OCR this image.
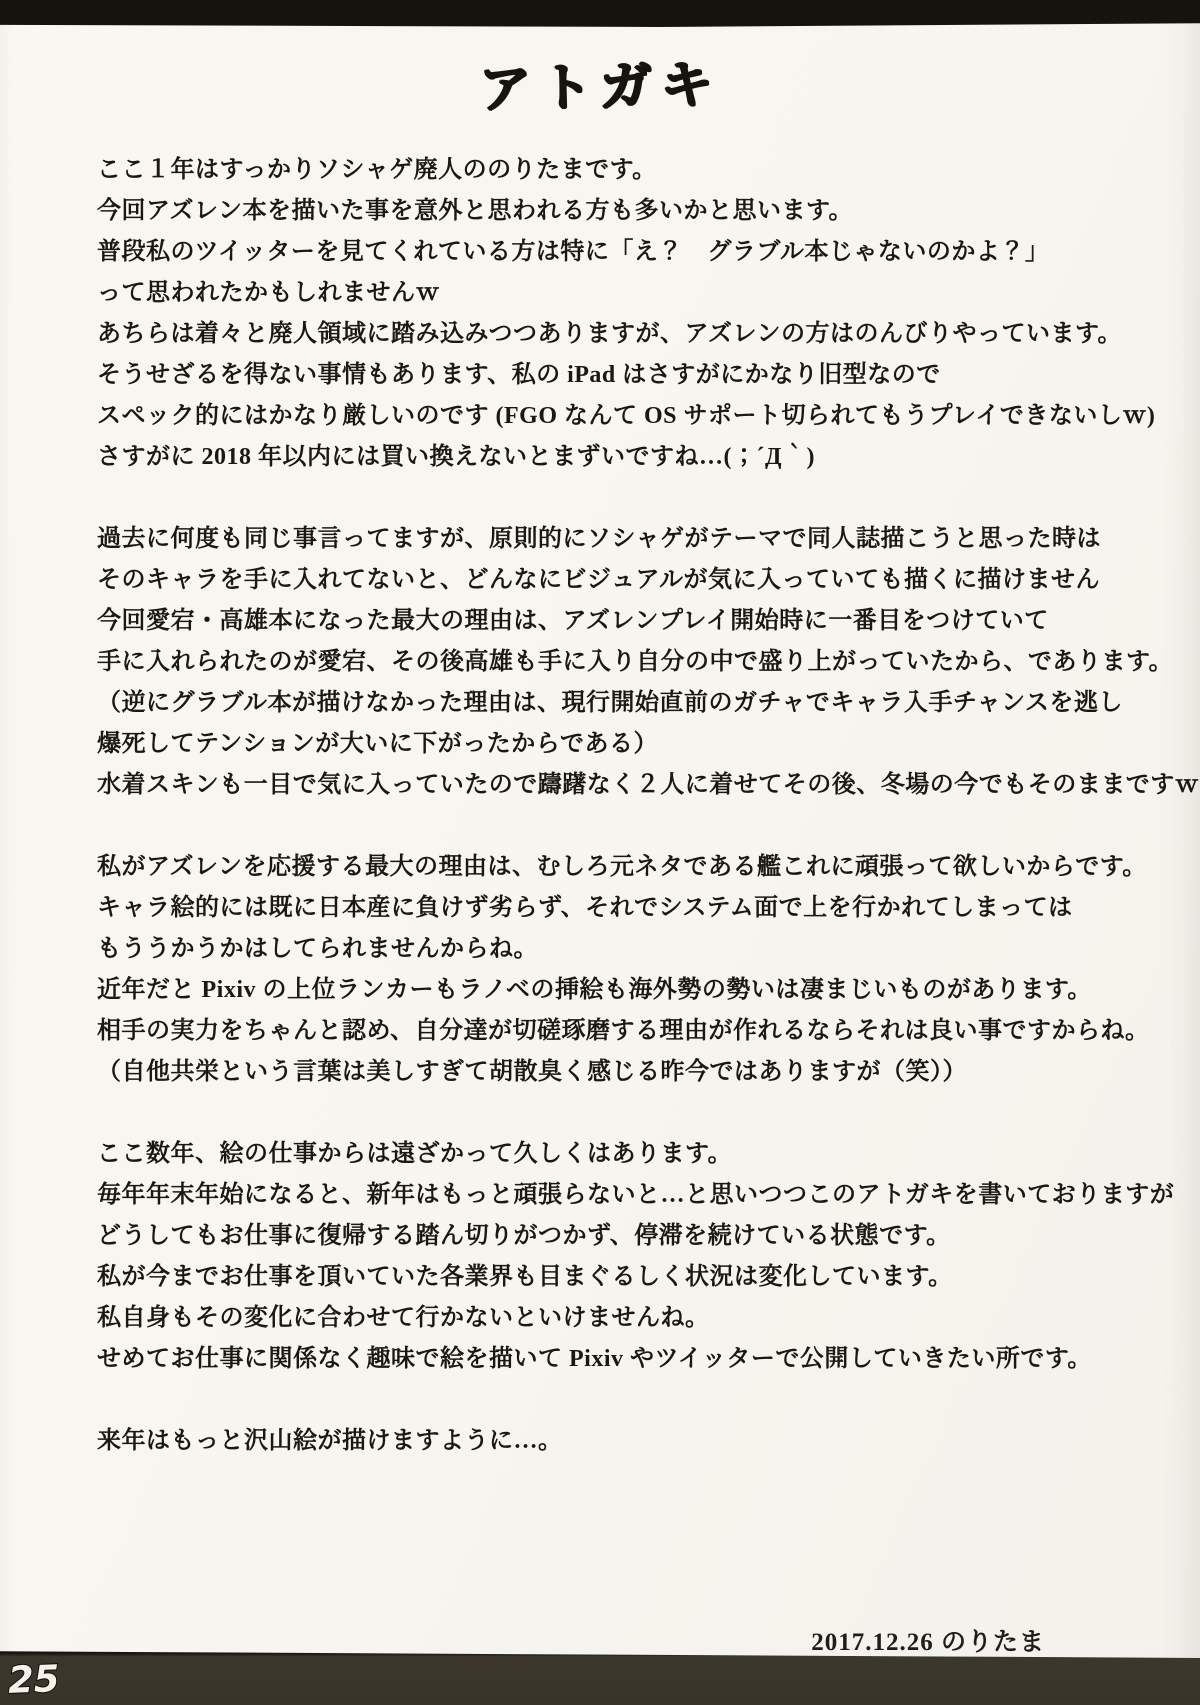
アトガキ
ここ１年はすっかりソシャゲ廃人ののりたまです。
今回アズレン本を描いた事を意外と思われる方も多いかと思います。
普段私のツイッターを見てくれている方は特に「え？　グラブル本じゃないのかよ？」
って思われたかもしれませんｗ
あちらは着々と廃人領域に踏み込みつつありますが、アズレンの方はのんびりやっています。
そうせざるを得ない事情もあります、私の iPad はさすがにかなり旧型なので
スペック的にはかなり厳しいのです (FGO なんて OS サポート切られてもうプレイできないしｗ)
さすがに 2018 年以内には買い換えないとまずいですね…(；´Д｀)
過去に何度も同じ事言ってますが、原則的にソシャゲがテーマで同人誌描こうと思った時は
そのキャラを手に入れてないと、どんなにビジュアルが気に入っていても描くに描けません
今回愛宕・高雄本になった最大の理由は、アズレンプレイ開始時に一番目をつけていて
手に入れられたのが愛宕、その後高雄も手に入り自分の中で盛り上がっていたから、であります。
（逆にグラブル本が描けなかった理由は、現行開始直前のガチャでキャラ入手チャンスを逃し
爆死してテンションが大いに下がったからである）
水着スキンも一目で気に入っていたので躊躇なく２人に着せてその後、冬場の今でもそのままですｗ
私がアズレンを応援する最大の理由は、むしろ元ネタである艦これに頑張って欲しいからです。
キャラ絵的には既に日本産に負けず劣らず、それでシステム面で上を行かれてしまっては
もううかうかはしてられませんからね。
近年だと Pixiv の上位ランカーもラノベの挿絵も海外勢の勢いは凄まじいものがあります。
相手の実力をちゃんと認め、自分達が切磋琢磨する理由が作れるならそれは良い事ですからね。
（自他共栄という言葉は美しすぎて胡散臭く感じる昨今ではありますが（笑））
ここ数年、絵の仕事からは遠ざかって久しくはあります。
毎年年末年始になると、新年はもっと頑張らないと…と思いつつこのアトガキを書いておりますが
どうしてもお仕事に復帰する踏ん切りがつかず、停滞を続けている状態です。
私が今までお仕事を頂いていた各業界も目まぐるしく状況は変化しています。
私自身もその変化に合わせて行かないといけませんね。
せめてお仕事に関係なく趣味で絵を描いて Pixiv やツイッターで公開していきたい所です。
来年はもっと沢山絵が描けますように…。
2017.12.26 のりたま
25
